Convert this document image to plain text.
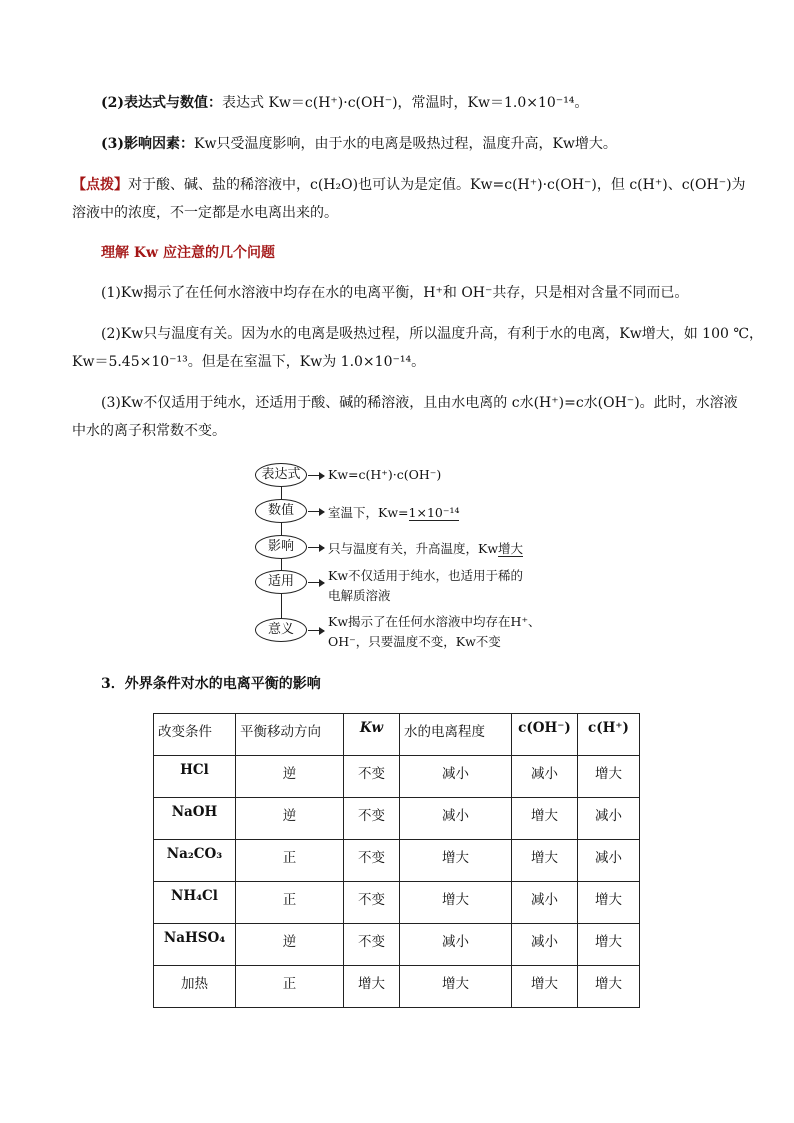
(2)表达式与数值：表达式 Kw＝c(H⁺)·c(OH⁻)，常温时，Kw＝1.0×10⁻¹⁴。
(3)影响因素：Kw只受温度影响，由于水的电离是吸热过程，温度升高，Kw增大。
【点拨】对于酸、碱、盐的稀溶液中，c(H₂O)也可认为是定值。Kw=c(H⁺)·c(OH⁻)，但 c(H⁺)、c(OH⁻)为
溶液中的浓度，不一定都是水电离出来的。
理解 Kw 应注意的几个问题
(1)Kw揭示了在任何水溶液中均存在水的电离平衡，H⁺和 OH⁻共存，只是相对含量不同而已。
(2)Kw只与温度有关。因为水的电离是吸热过程，所以温度升高，有利于水的电离，Kw增大，如 100 ℃，
Kw＝5.45×10⁻¹³。但是在室温下，Kw为 1.0×10⁻¹⁴。
(3)Kw不仅适用于纯水，还适用于酸、碱的稀溶液，且由水电离的 c水(H⁺)=c水(OH⁻)。此时，水溶液
中水的离子积常数不变。
表达式
数值
影响
适用
意义
Kw=c(H⁺)·c(OH⁻)
室温下，Kw=1×10⁻¹⁴
只与温度有关，升高温度，Kw增大
Kw不仅适用于纯水，也适用于稀的
电解质溶液
Kw揭示了在任何水溶液中均存在H⁺、
OH⁻，只要温度不变，Kw不变
3．外界条件对水的电离平衡的影响
改变条件	平衡移动方向	Kw	水的电离程度	c(OH⁻)	c(H⁺)
HCl	逆	不变	减小	减小	增大
NaOH	逆	不变	减小	增大	减小
Na₂CO₃	正	不变	增大	增大	减小
NH₄Cl	正	不变	增大	减小	增大
NaHSO₄	逆	不变	减小	减小	增大
加热	正	增大	增大	增大	增大
